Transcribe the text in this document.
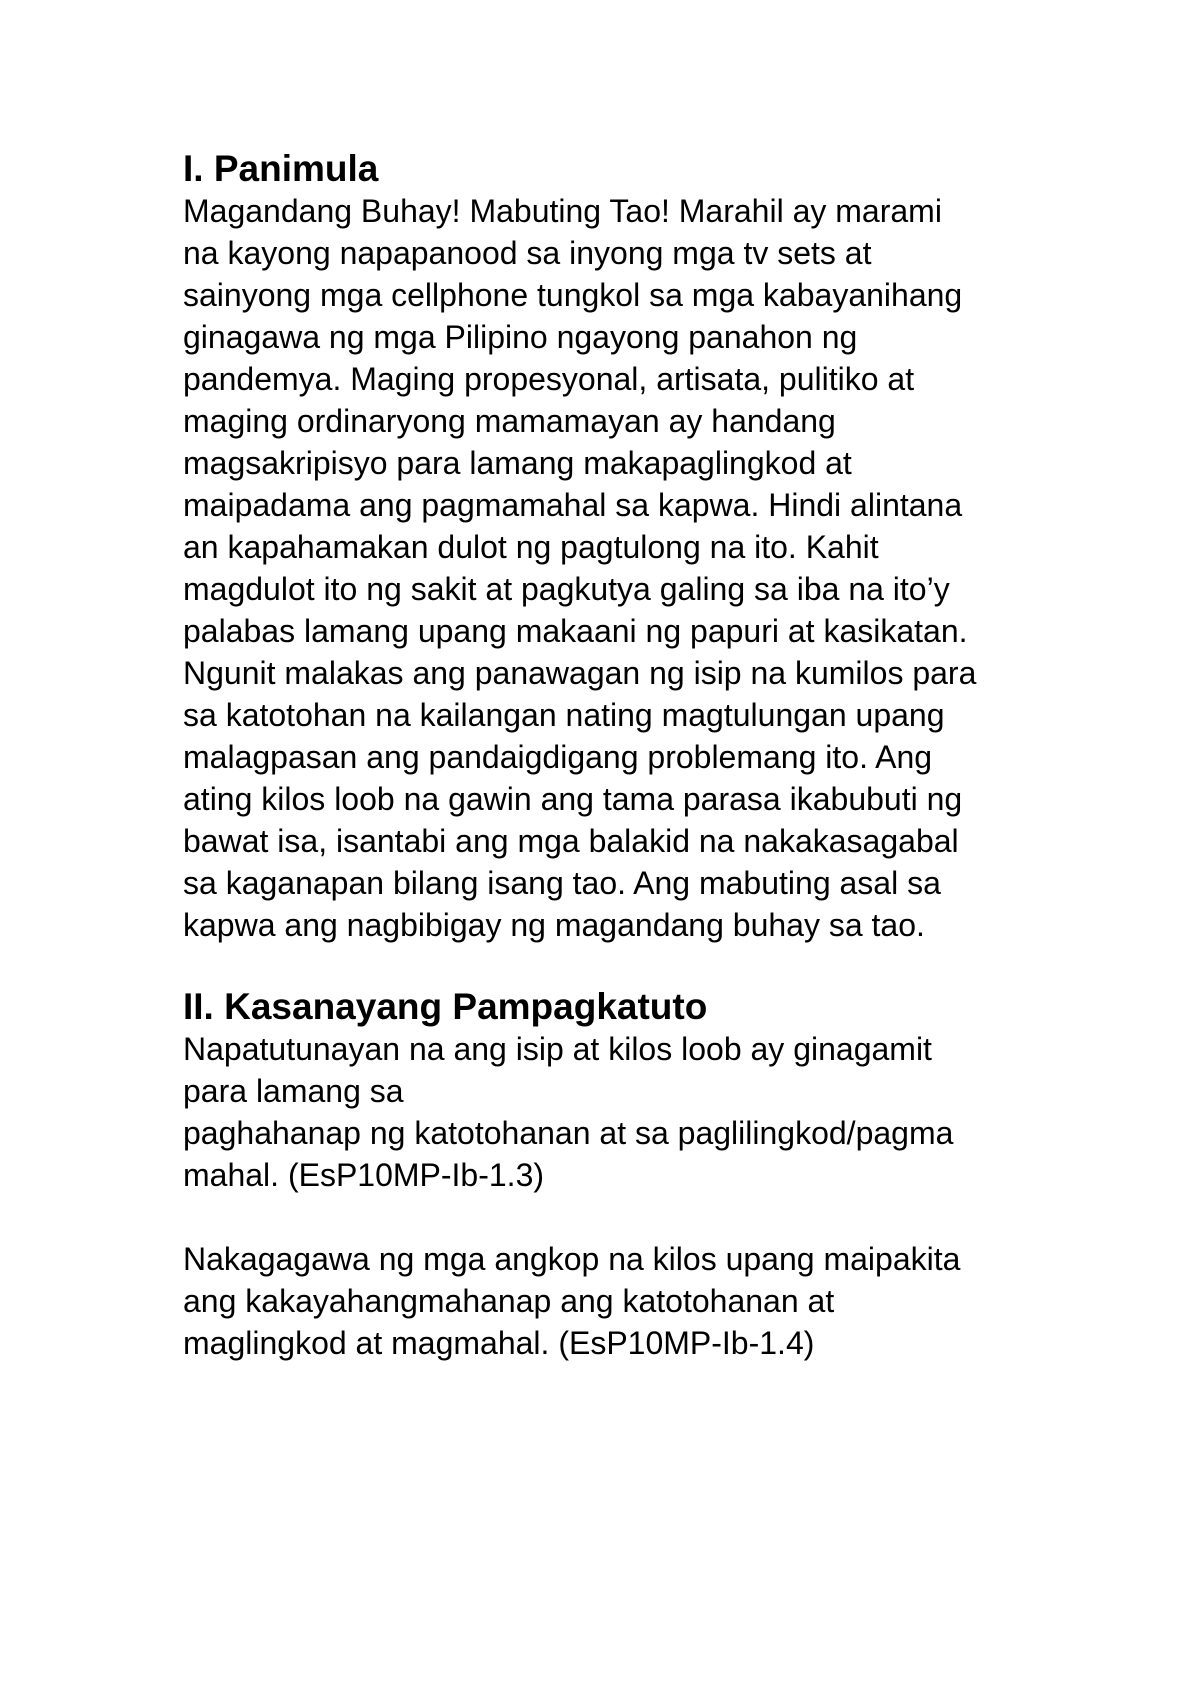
I. Panimula
Magandang Buhay! Mabuting Tao! Marahil ay marami
na kayong napapanood sa inyong mga tv sets at
sainyong mga cellphone tungkol sa mga kabayanihang
ginagawa ng mga Pilipino ngayong panahon ng
pandemya. Maging propesyonal, artisata, pulitiko at
maging ordinaryong mamamayan ay handang
magsakripisyo para lamang makapaglingkod at
maipadama ang pagmamahal sa kapwa. Hindi alintana
an kapahamakan dulot ng pagtulong na ito. Kahit
magdulot ito ng sakit at pagkutya galing sa iba na ito’y
palabas lamang upang makaani ng papuri at kasikatan.
Ngunit malakas ang panawagan ng isip na kumilos para
sa katotohan na kailangan nating magtulungan upang
malagpasan ang pandaigdigang problemang ito. Ang
ating kilos loob na gawin ang tama parasa ikabubuti ng
bawat isa, isantabi ang mga balakid na nakakasagabal
sa kaganapan bilang isang tao. Ang mabuting asal sa
kapwa ang nagbibigay ng magandang buhay sa tao.
II. Kasanayang Pampagkatuto
Napatutunayan na ang isip at kilos loob ay ginagamit
para lamang sa
paghahanap ng katotohanan at sa paglilingkod/pagma
mahal. (EsP10MP-Ib-1.3)
Nakagagawa ng mga angkop na kilos upang maipakita
ang kakayahangmahanap ang katotohanan at
maglingkod at magmahal. (EsP10MP-Ib-1.4)
